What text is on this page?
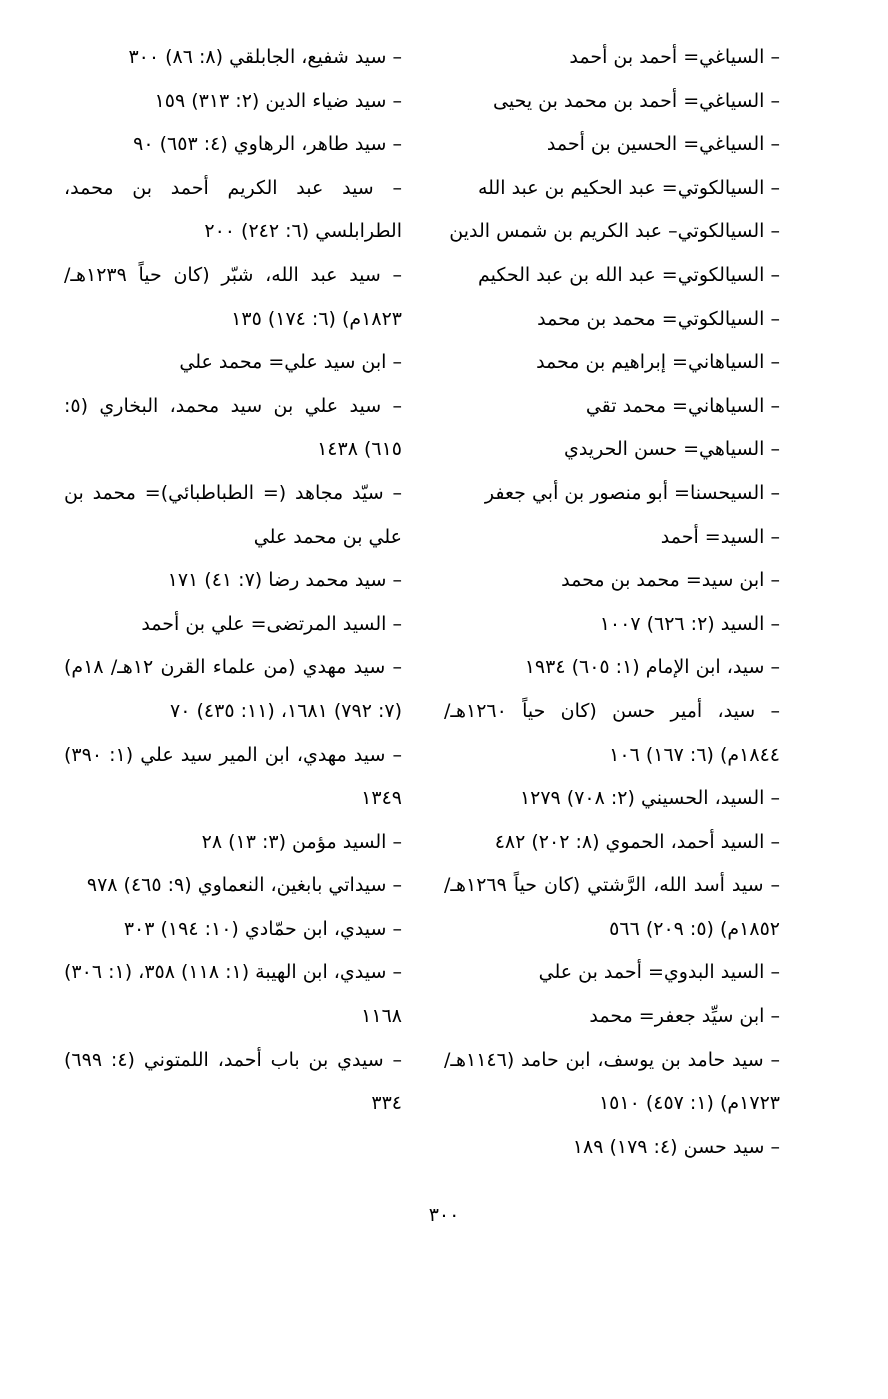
– السياغي= أحمد بن أحمد

– السياغي= أحمد بن محمد بن يحيى

– السياغي= الحسين بن أحمد

– السيالكوتي= عبد الحكيم بن عبد الله

– السيالكوتي– عبد الكريم بن شمس الدين

– السيالكوتي= عبد الله بن عبد الحكيم

– السيالكوتي= محمد بن محمد

– السياهاني= إبراهيم بن محمد

– السياهاني= محمد تقي

– السياهي= حسن الحريدي

– السيحسنا= أبو منصور بن أبي جعفر

– السيد= أحمد

– ابن سيد= محمد بن محمد

– السيد (٢: ٦٢٦) ١٠٠٧

– سيد، ابن الإمام (١: ٦٠٥) ١٩٣٤

– سيد، أمير حسن (كان حياً ١٢٦٠هـ/ ١٨٤٤م) (٦: ١٦٧) ١٠٦

– السيد، الحسيني (٢: ٧٠٨) ١٢٧٩

– السيد أحمد، الحموي (٨: ٢٠٢) ٤٨٢

– سيد أسد الله، الرَّشتي (كان حياً ١٢٦٩هـ/ ١٨٥٢م) (٥: ٢٠٩) ٥٦٦

– السيد البدوي= أحمد بن علي

– ابن سيِّد جعفر= محمد

– سيد حامد بن يوسف، ابن حامد (١١٤٦هـ/ ١٧٢٣م) (١: ٤٥٧) ١٥١٠

– سيد حسن (٤: ١٧٩) ١٨٩

– سيد شفيع، الجابلقي (٨: ٨٦) ٣٠٠

– سيد ضياء الدين (٢: ٣١٣) ١٥٩

– سيد طاهر، الرهاوي (٤: ٦٥٣) ٩٠

– سيد عبد الكريم أحمد بن محمد، الطرابلسي (٦: ٢٤٢) ٢٠٠

– سيد عبد الله، شبّر (كان حياً ١٢٣٩هـ/ ١٨٢٣م) (٦: ١٧٤) ١٣٥

– ابن سيد علي= محمد علي

– سيد علي بن سيد محمد، البخاري (٥: ٦١٥) ١٤٣٨

– سيّد مجاهد (= الطباطبائي)= محمد بن علي بن محمد علي

– سيد محمد رضا (٧: ٤١) ١٧١

– السيد المرتضى= علي بن أحمد

– سيد مهدي (من علماء القرن ١٢هـ/ ١٨م) (٧: ٧٩٢) ١٦٨١، (١١: ٤٣٥) ٧٠

– سيد مهدي، ابن المير سيد علي (١: ٣٩٠) ١٣٤٩

– السيد مؤمن (٣: ١٣) ٢٨

– سيداتي بابغين، النعماوي (٩: ٤٦٥) ٩٧٨

– سيدي، ابن حمّادي (١٠: ١٩٤) ٣٠٣

– سيدي، ابن الهيبة (١: ١١٨) ٣٥٨، (١: ٣٠٦) ١١٦٨

– سيدي بن باب أحمد، اللمتوني (٤: ٦٩٩) ٣٣٤

٣٠٠
